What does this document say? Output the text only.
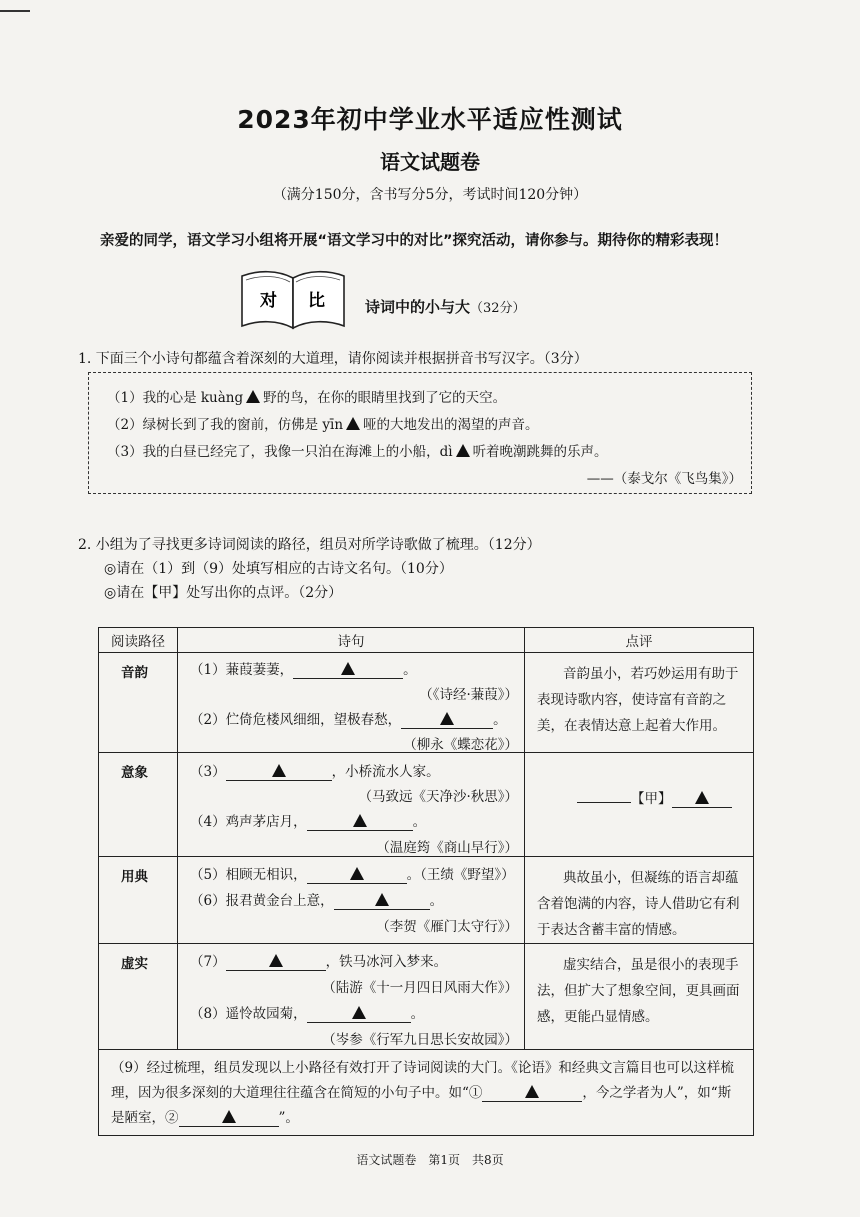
2023年初中学业水平适应性测试
语文试题卷
（满分150分，含书写分5分，考试时间120分钟）
亲爱的同学，语文学习小组将开展“语文学习中的对比”探究活动，请你参与。期待你的精彩表现！
对 比	诗词中的小与大（32分）
1. 下面三个小诗句都蕴含着深刻的大道理，请你阅读并根据拼音书写汉字。（3分）
（1）我的心是 kuàng 野的鸟，在你的眼睛里找到了它的天空。
（2）绿树长到了我的窗前，仿佛是 yīn 哑的大地发出的渴望的声音。
（3）我的白昼已经完了，我像一只泊在海滩上的小船，dì 听着晚潮跳舞的乐声。
——（泰戈尔《飞鸟集》）
2. 小组为了寻找更多诗词阅读的路径，组员对所学诗歌做了梳理。（12分）
◎请在（1）到（9）处填写相应的古诗文名句。（10分）
◎请在【甲】处写出你的点评。（2分）
阅读路径	诗句	点评
音韵	（1）蒹葭萋萋， 。
（《诗经·蒹葭》）
（2）伫倚危楼风细细，望极春愁， 。
（柳永《蝶恋花》）	音韵虽小，若巧妙运用有助于表现诗歌内容，使诗富有音韵之美，在表情达意上起着大作用。
意象	（3） ，小桥流水人家。
（马致远《天净沙·秋思》）
（4）鸡声茅店月， 。
（温庭筠《商山早行》）	【甲】

用典	（5）相顾无相识， 。（王绩《野望》）
（6）报君黄金台上意， 。
（李贺《雁门太守行》）	典故虽小，但凝练的语言却蕴含着饱满的内容，诗人借助它有利于表达含蓄丰富的情感。
虚实	（7） ，铁马冰河入梦来。
（陆游《十一月四日风雨大作》）
（8）遥怜故园菊， 。
（岑参《行军九日思长安故园》）	虚实结合，虽是很小的表现手法，但扩大了想象空间，更具画面感，更能凸显情感。
（9）经过梳理，组员发现以上小路径有效打开了诗词阅读的大门。《论语》和经典文言篇目也可以这样梳理，因为很多深刻的大道理往往蕴含在简短的小句子中。如“① ，今之学者为人”，如“斯是陋室，② ”。		
语文试题卷　第1页　共8页
